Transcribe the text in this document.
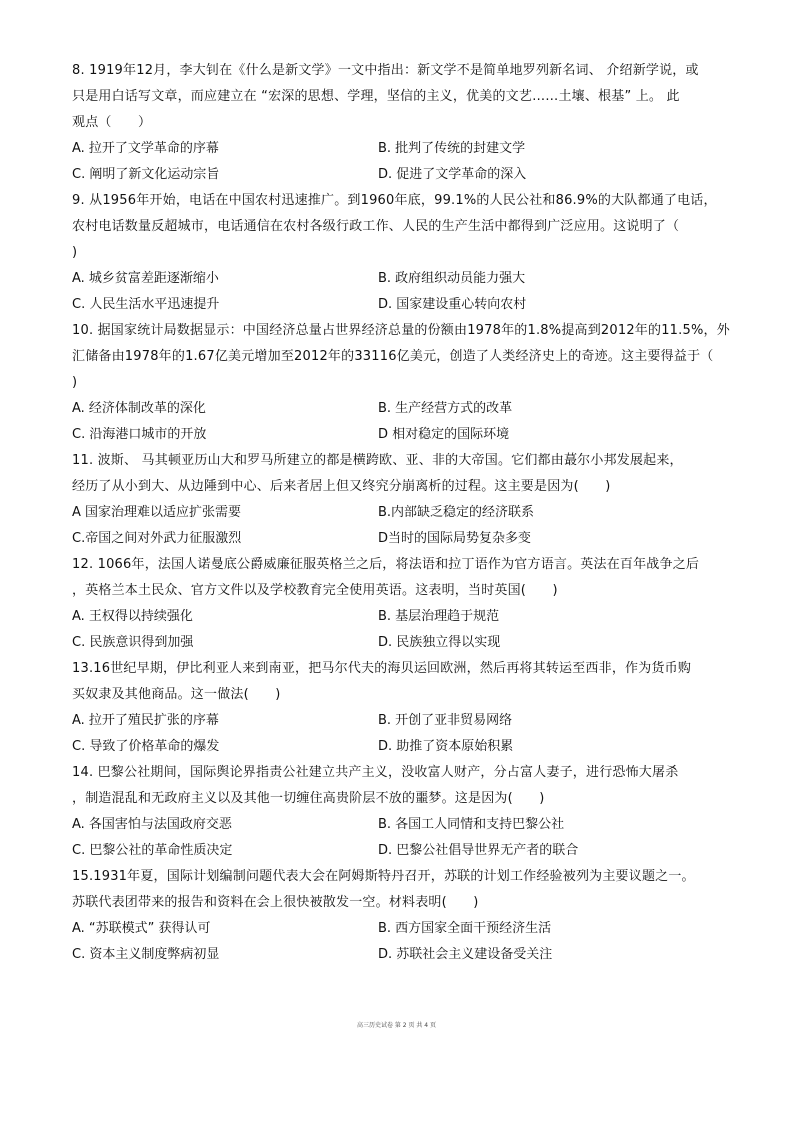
8. 1919年12月，李大钊在《什么是新文学》一文中指出：新文学不是简单地罗列新名词、 介绍新学说，或
只是用白话写文章，而应建立在 “宏深的思想、学理，坚信的主义，优美的文艺……土壤、根基” 上。 此
观点（　　）
A. 拉开了文学革命的序幕	B. 批判了传统的封建文学
C. 阐明了新文化运动宗旨	D. 促进了文学革命的深入
9. 从1956年开始，电话在中国农村迅速推广。到1960年底，99.1%的人民公社和86.9%的大队都通了电话，
农村电话数量反超城市，电话通信在农村各级行政工作、人民的生产生活中都得到广泛应用。这说明了（
)
A. 城乡贫富差距逐渐缩小	B. 政府组织动员能力强大
C. 人民生活水平迅速提升	D. 国家建设重心转向农村
10. 据国家统计局数据显示：中国经济总量占世界经济总量的份额由1978年的1.8%提高到2012年的11.5%，外
汇储备由1978年的1.67亿美元增加至2012年的33116亿美元，创造了人类经济史上的奇迹。这主要得益于（
)
A. 经济体制改革的深化	B. 生产经营方式的改革
C. 沿海港口城市的开放	D 相对稳定的国际环境
11. 波斯、 马其顿亚历山大和罗马所建立的都是横跨欧、亚、非的大帝国。它们都由蕞尔小邦发展起来，
经历了从小到大、从边陲到中心、后来者居上但又终究分崩离析的过程。这主要是因为(　　)
A 国家治理难以适应扩张需要	B.内部缺乏稳定的经济联系
C.帝国之间对外武力征服激烈	D当时的国际局势复杂多变
12. 1066年，法国人诺曼底公爵威廉征服英格兰之后，将法语和拉丁语作为官方语言。英法在百年战争之后
，英格兰本土民众、官方文件以及学校教育完全使用英语。这表明，当时英国(　　)
A. 王权得以持续强化	B. 基层治理趋于规范
C. 民族意识得到加强	D. 民族独立得以实现
13.16世纪早期，伊比利亚人来到南亚，把马尔代夫的海贝运回欧洲，然后再将其转运至西非，作为货币购
买奴隶及其他商品。这一做法(　　)
A. 拉开了殖民扩张的序幕	B. 开创了亚非贸易网络
C. 导致了价格革命的爆发	D. 助推了资本原始积累
14. 巴黎公社期间，国际舆论界指责公社建立共产主义，没收富人财产，分占富人妻子，进行恐怖大屠杀
，制造混乱和无政府主义以及其他一切缠住高贵阶层不放的噩梦。这是因为(　　)
A. 各国害怕与法国政府交恶	B. 各国工人同情和支持巴黎公社
C. 巴黎公社的革命性质决定	D. 巴黎公社倡导世界无产者的联合
15.1931年夏，国际计划编制问题代表大会在阿姆斯特丹召开，苏联的计划工作经验被列为主要议题之一。
苏联代表团带来的报告和资料在会上很快被散发一空。材料表明(　　)
A. “苏联模式” 获得认可	B. 西方国家全面干预经济生活
C. 资本主义制度弊病初显	D. 苏联社会主义建设备受关注
高三历史试卷 第 2 页 共 4 页
